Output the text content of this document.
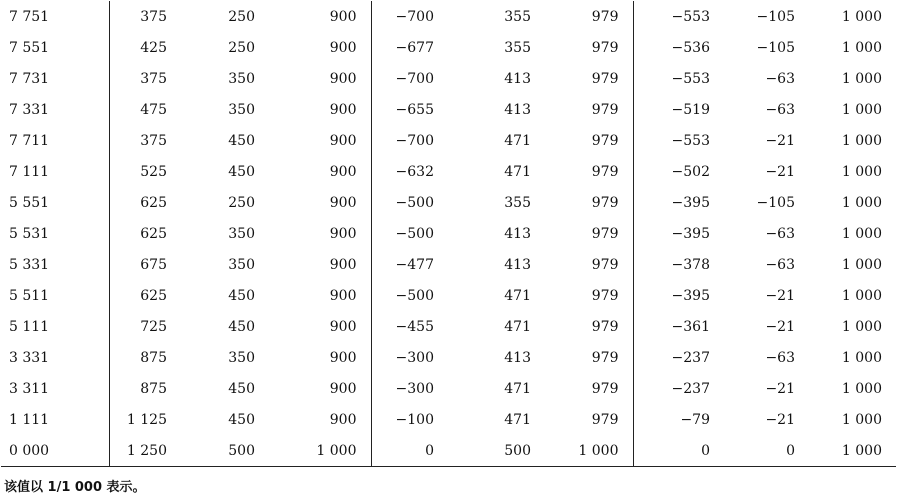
7 751	375	250	900	−700	355	979	−553	−105	1 000
7 551	425	250	900	−677	355	979	−536	−105	1 000
7 731	375	350	900	−700	413	979	−553	−63	1 000
7 331	475	350	900	−655	413	979	−519	−63	1 000
7 711	375	450	900	−700	471	979	−553	−21	1 000
7 111	525	450	900	−632	471	979	−502	−21	1 000
5 551	625	250	900	−500	355	979	−395	−105	1 000
5 531	625	350	900	−500	413	979	−395	−63	1 000
5 331	675	350	900	−477	413	979	−378	−63	1 000
5 511	625	450	900	−500	471	979	−395	−21	1 000
5 111	725	450	900	−455	471	979	−361	−21	1 000
3 331	875	350	900	−300	413	979	−237	−63	1 000
3 311	875	450	900	−300	471	979	−237	−21	1 000
1 111	1 125	450	900	−100	471	979	−79	−21	1 000
0 000	1 250	500	1 000	0	500	1 000	0	0	1 000
该值以 1/1 000 表示。
